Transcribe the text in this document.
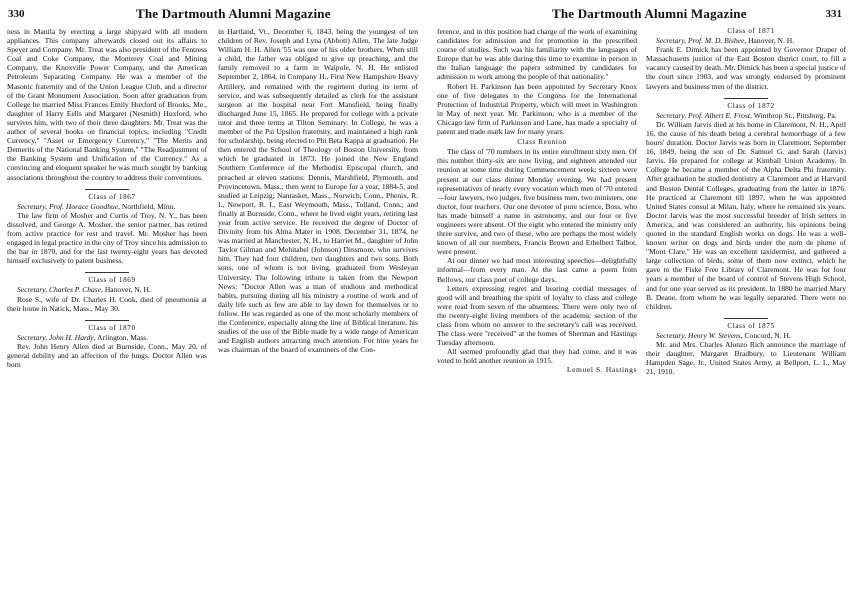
330	The Dartmouth Alumni Magazine

ness in Manila by erecting a large shipyard with all modern appliances. This company afterwards closed out its affairs to Speyer and Company. Mr. Treat was also president of the Fentress Coal and Coke Company, the Monterey Coal and Mining Company, the Knoxville Power Company, and the American Petroleum Separating Company. He was a member of the Masonic fraternity and of the Union League Club, and a director of the Grant Monument Association. Soon after graduation from College he married Miss Frances Emily Huxford of Brooks, Me., daughter of Harry Eells and Margaret (Nesmith) Huxford, who survives him, with two of their three daughters. Mr. Treat was the author of several books on financial topics, including "Credit Currency," "Asset or Emergency Currency," "The Merits and Demerits of the National Banking System," "The Readjustment of the Banking System and Unification of the Currency." As a convincing and eloquent speaker he was much sought by banking associations throughout the country to address their conventions.

Class of 1867

Secretary, Prof. Horace Goodhue, Northfield, Minn.

The law firm of Mosher and Curtis of Troy, N. Y., has been dissolved, and George A. Mosher, the senior partner, has retired from active practice for rest and travel. Mr. Mosher has been engaged in legal practice in the city of Troy since his admission to the bar in 1870, and for the last twenty-eight years has devoted himself exclusively to patent business.

Class of 1869

Secretary, Charles P. Chase, Hanover, N. H.

Rose S., wife of Dr. Charles H. Cook, died of pneumonia at their home in Natick, Mass., May 30.

Class of 1870

Secretary, John H. Hardy, Arlington, Mass.

Rev. John Henry Allen died at Burnside, Conn., May 20, of general debility and an affection of the lungs. Doctor Allen was born

in Hartland, Vt., December 6, 1843, being the youngest of ten children of Rev. Joseph and Lyna (Abbott) Allen. The late Judge William H. H. Allen '55 was one of his older brothers. When still a child, the father was obliged to give up preaching, and the family removed to a farm in Walpole, N. H. He enlisted September 2, 1864, in Company H., First New Hampshire Heavy Artillery, and remained with the regiment during its term of service, and was subsequently detailed as clerk for the assistant surgeon at the hospital near Fort Mansfield, being finally discharged June 15, 1865. He prepared for college with a private tutor and three terms at Tilton Seminary. In College, he was a member of the Psi Upsilon fraternity, and maintained a high rank for scholarship, being elected to Phi Beta Kappa at graduation. He then entered the School of Theology of Boston University, from which he graduated in 1873. He joined the New England Southern Conference of the Methodist Episcopal church, and preached at eleven stations: Dennis, Marshfield, Plymouth, and Provincetown, Mass.; then went to Europe for a year, 1884-5, and studied at Leipzig; Nantasket, Mass., Norwich, Conn., Phenix, R. I., Newport, R. I., East Weymouth, Mass., Tolland, Conn.; and finally at Burnside, Conn., where he lived eight years, retiring last year from active service. He received the degree of Doctor of Divinity from his Alma Mater in 1908. December 31, 1874, he was married at Manchester, N. H., to Harriet M., daughter of John Taylor Gilman and Mehitabel (Johnson) Dinsmore, who survives him. They had four children, two daughters and two sons. Both sons, one of whom is not living, graduated from Wesleyan University. The following tribute is taken from the Newport News: "Doctor Allen was a man of studious and methodical habits, pursuing during all his ministry a routine of work and of daily life such as few are able to lay down for themselves or to follow. He was regarded as one of the most scholarly members of the Conference, especially along the line of Biblical literature, his studies of the use of the Bible made by a wide range of American and English authors attracting much attention. For nine years he was chairman of the board of examiners of the Con-

The Dartmouth Alumni Magazine	331

ference, and in this position had charge of the work of examining candidates for admission and for promotion in the prescribed course of studies. Such was his familiarity with the languages of Europe that he was able during this time to examine in person in the Italian language the papers submitted by candidates for admission to work among the people of that nationality."

Robert H. Parkinson has been appointed by Secretary Knox one of five delegates to the Congress for the International Protection of Industrial Property, which will meet in Washington in May of next year. Mr. Parkinson, who is a member of the Chicago law firm of Parkinson and Lane, has made a specialty of patent and trade mark law for many years.

Class Reunion

The class of '70 numbers in its entire enrollment sixty men. Of this number thirty-six are now living, and eighteen attended our reunion at some time during Commencement week; sixteen were present at our class dinner Monday evening. We had present representatives of nearly every vocation which men of '70 entered—four lawyers, two judges, five business men, two ministers, one doctor, four teachers. Our one devotee of pure science, Boss, who has made himself a name in astronomy, and our four or five engineers were absent. Of the eight who entered the ministry only three survive, and two of these, who are perhaps the most widely known of all our members, Francis Brown and Ethelbert Talbot, were present.

At our dinner we had most interesting speeches—delightfully informal—from every man. At the last came a poem from Bellows, our class poet of college days.

Letters expressing regret and bearing cordial messages of good will and breathing the spirit of loyalty to class and college were read from seven of the absentees. There were only two of the twenty-eight living members of the academic section of the class from whom no answer to the secretary's call was received. The class were "received" at the homes of Sherman and Hastings Tuesday afternoon.

All seemed profoundly glad that they had come, and it was voted to hold another reunion in 1915.

Lemuel S. Hastings

Class of 1871

Secretary, Prof. M. D. Bisbee, Hanover, N. H.

Frank E. Dimick has been appointed by Governor Draper of Massachusetts justice of the East Boston district court, to fill a vacancy caused by death. Mr. Dimick has been a special justice of the court since 1903, and was strongly endorsed by prominent lawyers and business men of the district.

Class of 1872

Secretary, Prof. Albert E. Frost, Winthrop St., Pittsburg, Pa.

Dr. William Jarvis died at his home in Claremont, N. H., April 16, the cause of his death being a cerebral hemorrhage of a few hours' duration. Doctor Jarvis was born in Claremont, September 16, 1849, being the son of Dr. Samuel G. and Sarah (Jarvis) Jarvis. He prepared for college at Kimball Union Academy. In College he became a member of the Alpha Delta Phi fraternity. After graduation he studied dentistry at Claremont and at Harvard and Boston Dental Colleges, graduating from the latter in 1876. He practiced at Claremont till 1897, when he was appointed United States consul at Milan, Italy, where he remained six years. Doctor Jarvis was the most successful breeder of Irish setters in America, and was considered an authority, his opinions being quoted in the standard English works on dogs. He was a well-known writer on dogs and birds under the nom de plume of "Mont Clare." He was an excellent taxidermist, and gathered a large collection of birds, some of them now extinct, which he gave to the Fiske Free Library of Claremont. He was for four years a member of the board of control of Stevens High School, and for one year served as its president. In 1880 he married Mary B. Deane, from whom he was legally separated. There were no children.

Class of 1875

Secretary, Henry W. Stevens, Concord, N. H.

Mr. and Mrs. Charles Alonzo Rich announce the marriage of their daughter, Margaret Bradbury, to Lieutenant William Hampden Sage, Jr., United States Army, at Bellport, L. I., May 21, 1910.
